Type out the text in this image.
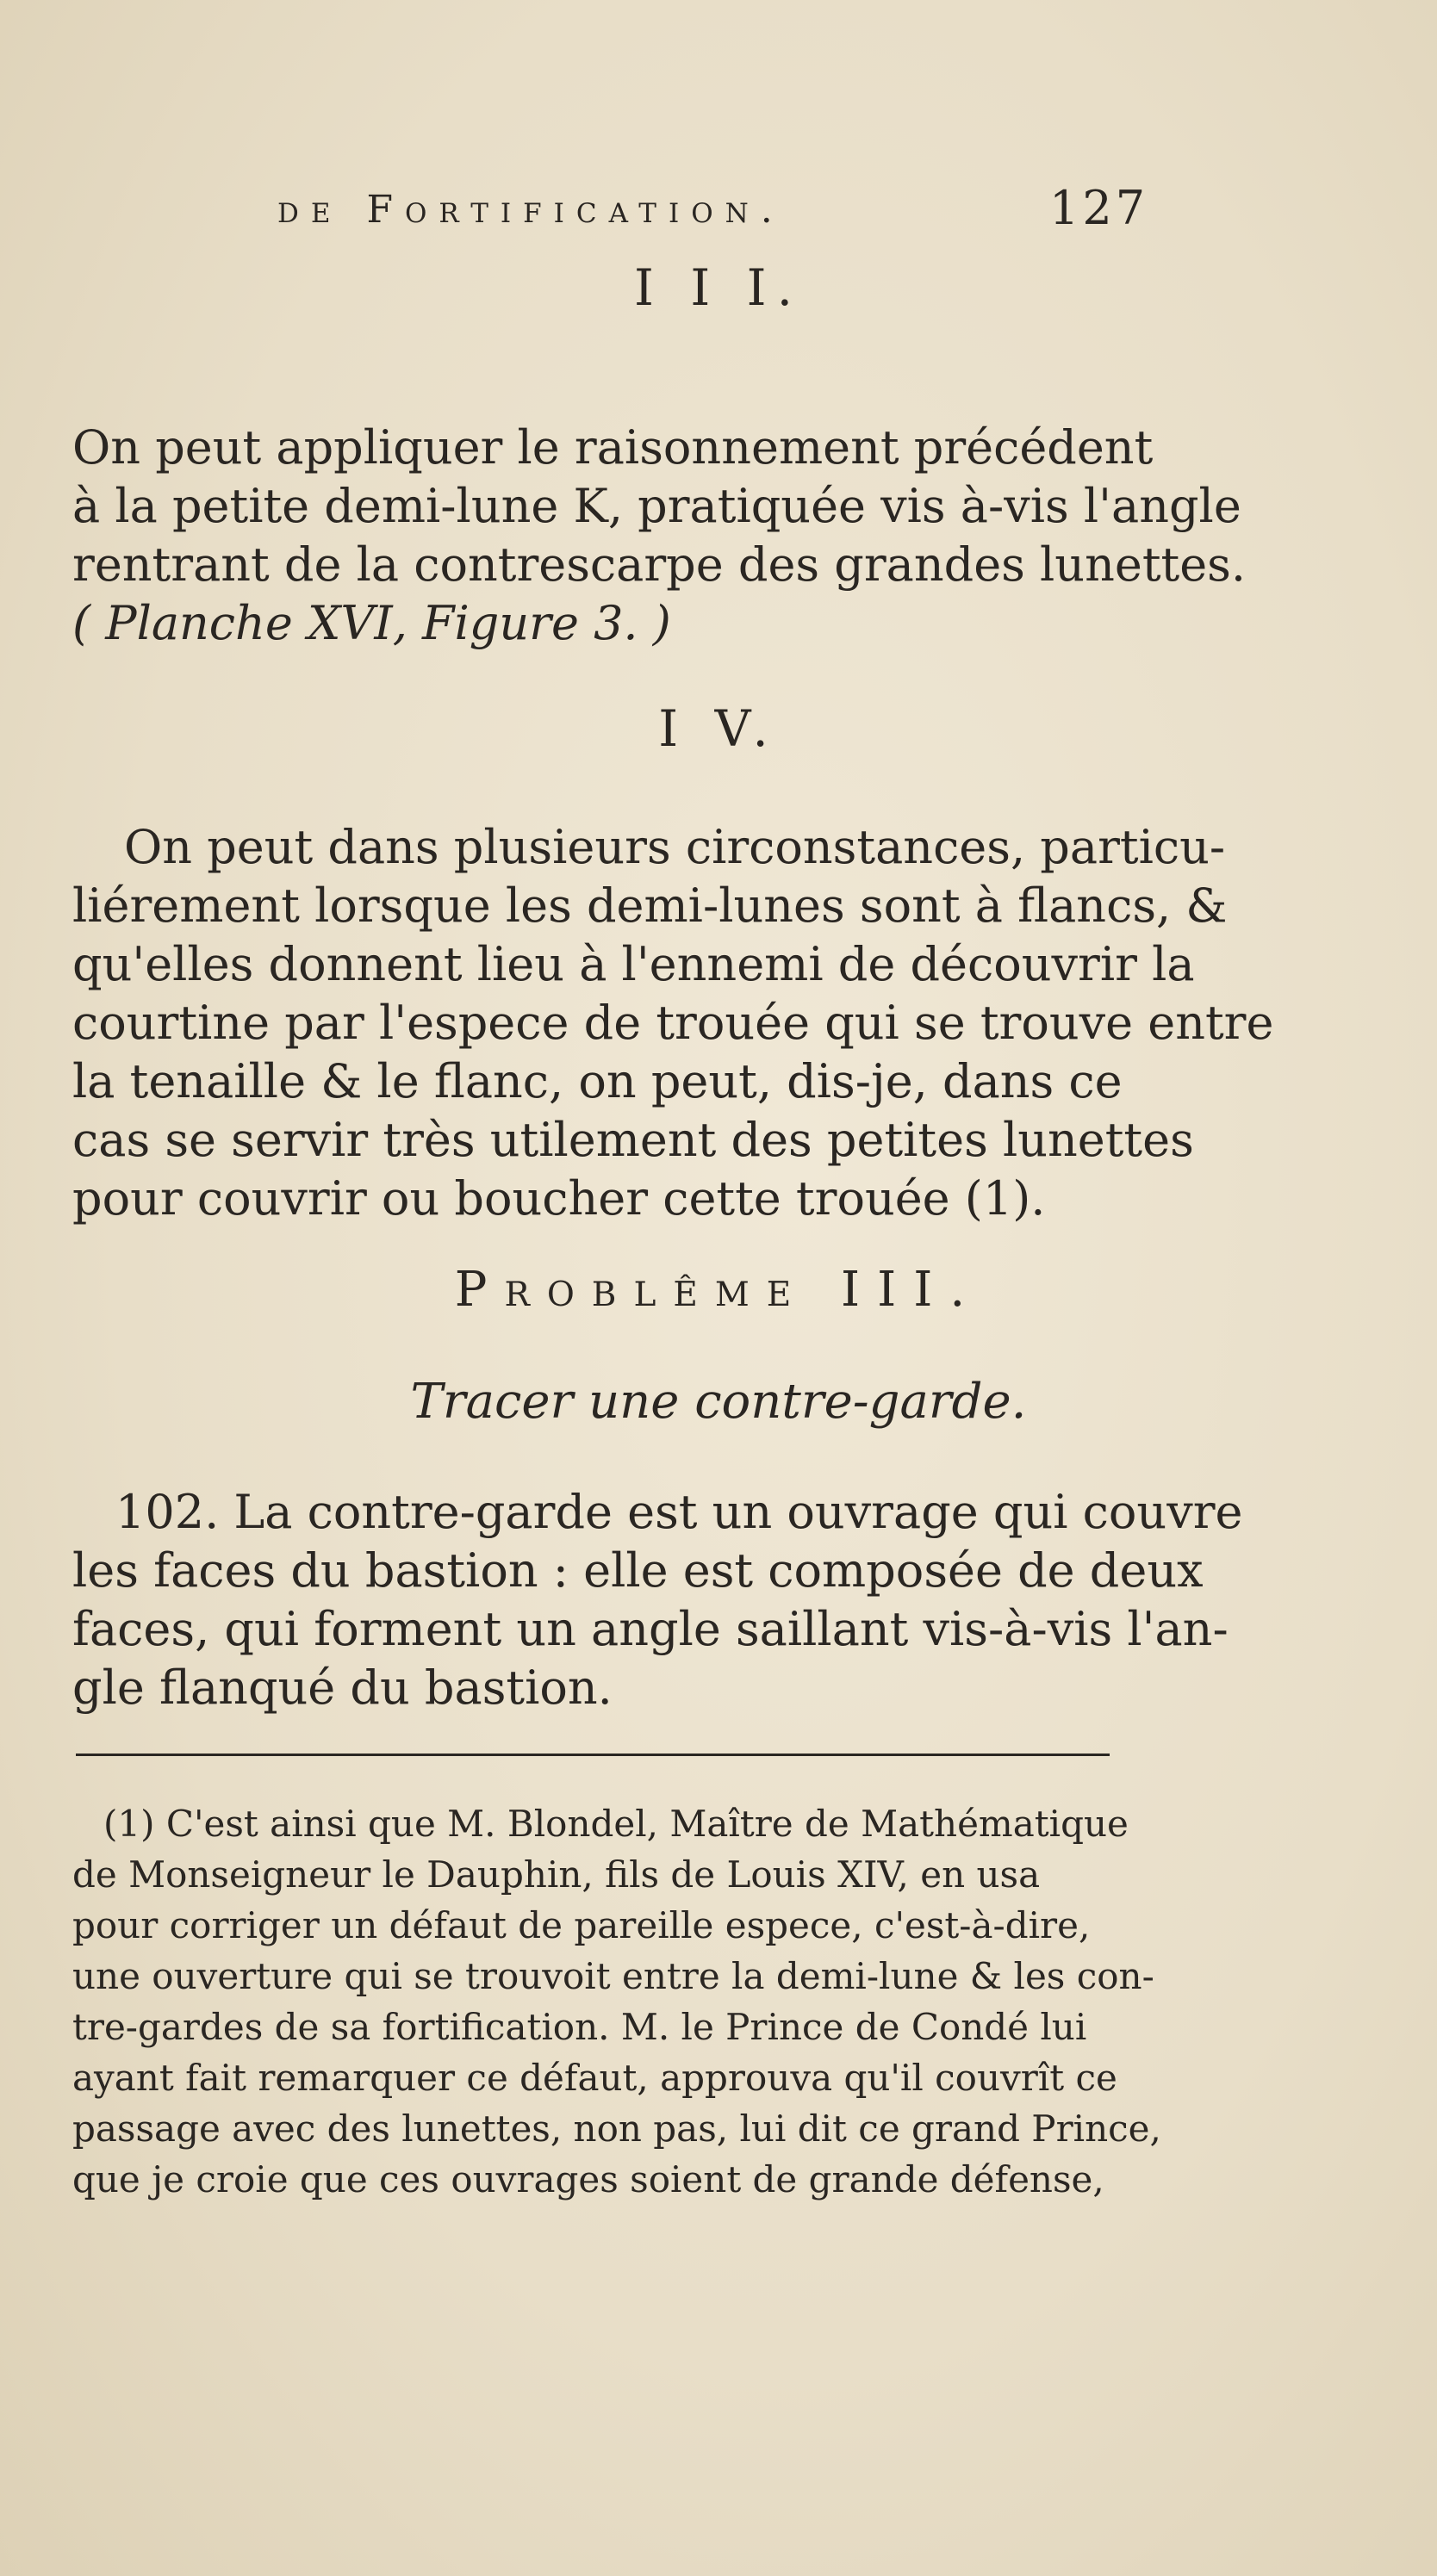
de Fortification.	127
I I I.
On peut appliquer le raisonnement précédent
à la petite demi-lune K, pratiquée vis à-vis l'angle
rentrant de la contrescarpe des grandes lunettes.
( Planche XVI, Figure 3. )
I V.
On peut dans plusieurs circonstances, particu-
liérement lorsque les demi-lunes sont à flancs, &
qu'elles donnent lieu à l'ennemi de découvrir la
courtine par l'espece de trouée qui se trouve entre
la tenaille & le flanc, on peut, dis-je, dans ce
cas se servir très utilement des petites lunettes
pour couvrir ou boucher cette trouée (1).
Problême III.
Tracer une contre-garde.
102. La contre-garde est un ouvrage qui couvre
les faces du bastion : elle est composée de deux
faces, qui forment un angle saillant vis-à-vis l'an-
gle flanqué du bastion.
(1) C'est ainsi que M. Blondel, Maître de Mathématique
de Monseigneur le Dauphin, fils de Louis XIV, en usa
pour corriger un défaut de pareille espece, c'est-à-dire,
une ouverture qui se trouvoit entre la demi-lune & les con-
tre-gardes de sa fortification. M. le Prince de Condé lui
ayant fait remarquer ce défaut, approuva qu'il couvrît ce
passage avec des lunettes, non pas, lui dit ce grand Prince,
que je croie que ces ouvrages soient de grande défense,
